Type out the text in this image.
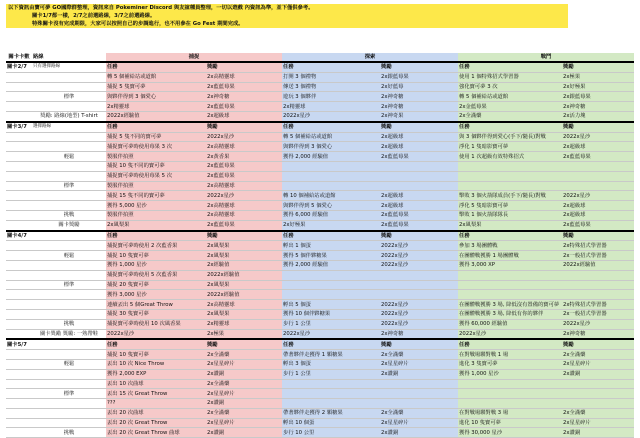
以下資訊由寶可夢 GO國際群整理，資訊來自 Pokeminer Discord 與友誼種員整理，一切以遊戲 內資訊為準，並下僅供參考。
關卡1/7都一樣，2/7之前選路線，3/7之前選路線。
特殊關卡沒有完成期限，大家可以按照自己的步調進行，也不用參在 Go Fest 期間完成。
關卡卡數	路線	捕捉		探索		戰鬥	
關卡2/7	只有選擇路線	任務	獎勵	任務	獎勵	任務	獎勵
		轉 5 個補給站或道館	2x高精靈球	打開 3 個禮物	2x銀藍莓果	使用 1 個特殊招式學習器	2x極果
		捕捉 5 隻寶可夢	2x藍藍莓果	傳送 3 個禮物	2x好藍莓	強化寶可夢 3 次	2x好極果
	標準	與夥伴得到 3 個愛心	2x神奇糖	遊玩 3 個夥伴	2x神奇糖	轉 5 個補給站或道館	2x銀藍莓果
		2x精靈球	2x藍藍莓果	2x精靈球	2x神奇糖	2x金藍莓果	2x神奇糖
	獎勵: 路線(地型) T-shirt	2022x經驗值	2x超級球	2022x星沙	2x神奇果	2x全滿藥	2x活力塊
關卡3/7	選擇路線	任務	獎勵	任務	獎勵	任務	獎勵
		捕捉 5 隻不同的寶可夢	2022x星沙	轉 5 個補給站或道館	2x超級球	與 3 個夥伴得到愛心(手下/隨長)對戰	2022x星沙
		捕捉寶可夢時使用莓果 3 次	2x高精靈球	與夥伴得到 3 個愛心	2x超級球	淨化 1 隻暗影寶可夢	2x超級球
	輕鬆	製服伴拍照	2x黃香果	獲得 2,000 經驗值	2x藍藍莓果	使用 1 次超級有效特殊招式	2x藍藍莓果
		捕捉 10 隻不同的寶可夢	2x藍藍莓果				
		捕捉寶可夢時使用莓果 5 次	2x藍藍莓果				
	標準	製服伴拍照	2x高精靈球				
		捕捉 15 隻不同的寶可夢	2022x星沙	轉 10 個補給站或道館	2x超級球	擊敗 3 個火箭隊成員(手下/隨長)對戰	2022x星沙
		獲得 5,000 星沙	2x高精靈球	與夥伴得到 5 個愛心	2x超級球	淨化 5 隻暗影寶可夢	2x超級球
	挑戰	製服伴拍照	2x高精靈球	獲得 6,000 經驗值	2x藍藍莓果	擊敗 1 個火箭隊隊長	2x超級球
	關卡獎勵	2x風梨果	2x藍藍莓果	2x好極果	2x藍藍莓果	2x風梨果	2x藍藍莓果
關卡4/7		任務	獎勵	任務	獎勵	任務	獎勵
		捕捉寶可夢時使用 2 次藍香果	2x風梨果	孵出 1 個蛋	2022x星沙	參加 3 場團體戰	2x特殊招式學習器
	輕鬆	捕捉 10 隻寶可夢	2x風梨果	獲得 5 個伴夥糖果	2022x星沙	在團體戰獲勝 1 場團體戰	2x一般招式學習器
		獲得 1,000 星沙	2x經驗值	獲得 2,000 經驗值	2022x星沙	獲得 3,000 XP	2022x經驗值
		捕捉寶可夢時使用 5 次藍香果	2022x經驗值				
	標準	捕捉 20 隻寶可夢	2x風梨果				
		獲得 3,000 星沙	2022x經驗值				
		連續丟出 5 個Great Throw	2x高精靈球	孵出 5 個蛋	2022x星沙	在團體戰獲勝 3 場, 降低沒有置備的寶可夢	2x特殊招式學習器
		捕捉 30 隻寶可夢	2x風梨果	獲得 10 個伴夥糖果	2022x星沙	在團體戰獲勝 3 場, 降低有你的夥伴	2x一般招式學習器
	挑戰	捕捉寶可夢時使用 10 次風香果	2x精靈球	步行 1 公里	2022x星沙	獲得 60,000 經驗值	2022x星沙
	關卡獎勵 獎勵: 一熟帶鞋	2022x星沙	2x極果	2022x星沙	2x神奇糖	2022x星沙	2x神奇糖
關卡5/7		任務	獎勵	任務	獎勵	任務	獎勵
		捕捉 10 隻寶可夢	2x全滿藥	帶著夥伴走獲得 1 顆糖果	2x全滿藥	在對戰場聯對戰 1 場	2x全滿藥
	輕鬆	丟出 10 次 Nice Throw	2x星星碎片	孵出 3 個蛋	2x星星碎片	進化 3 隻寶可夢	2x星星碎片
		獲得 2,000 EXP	2x讚銅	步行 1 公里	2x讚銅	獲得 1,000 星沙	2x讚銅
		丟出 10 次曲球	2x全滿藥				
	標準	丟出 15 次 Great Throw	2x星星碎片				
		???	2x讚銅				
		丟出 20 次曲球	2x全滿藥	帶著夥伴走獲得 2 顆糖果	2x全滿藥	在對戰場聯對戰 3 場	2x全滿藥
		丟出 20 次 Great Throw	2x星星碎片	孵出 10 個蛋	2x星星碎片	進化 10 隻寶可夢	2x星星碎片
	挑戰	丟出 20 次 Great Throw 曲球	2x讚銅	步行 10 公里	2x讚銅	獲得 30,000 星沙	2x讚銅
